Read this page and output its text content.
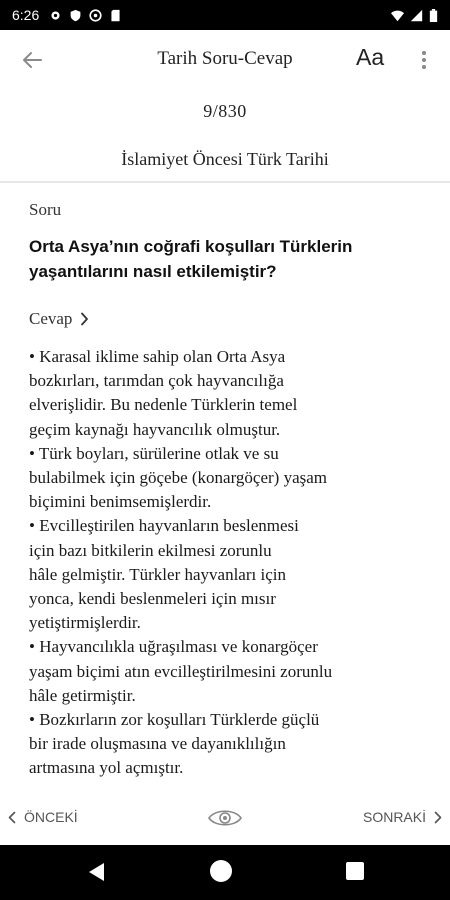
6:26
Tarih Soru-Cevap	Aa
9/830
İslamiyet Öncesi Türk Tarihi
Soru
Orta Asya’nın coğrafi koşulları Türklerin
yaşantılarını nasıl etkilemiştir?
Cevap
• Karasal iklime sahip olan Orta Asya
bozkırları, tarımdan çok hayvancılığa
elverişlidir. Bu nedenle Türklerin temel
geçim kaynağı hayvancılık olmuştur.
• Türk boyları, sürülerine otlak ve su
bulabilmek için göçebe (konargöçer) yaşam
biçimini benimsemişlerdir.
• Evcilleştirilen hayvanların beslenmesi
için bazı bitkilerin ekilmesi zorunlu
hâle gelmiştir. Türkler hayvanları için
yonca, kendi beslenmeleri için mısır
yetiştirmişlerdir.
• Hayvancılıkla uğraşılması ve konargöçer
yaşam biçimi atın evcilleştirilmesini zorunlu
hâle getirmiştir.
• Bozkırların zor koşulları Türklerde güçlü
bir irade oluşmasına ve dayanıklılığın
artmasına yol açmıştır.
ÖNCEKİ	SONRAKİ
